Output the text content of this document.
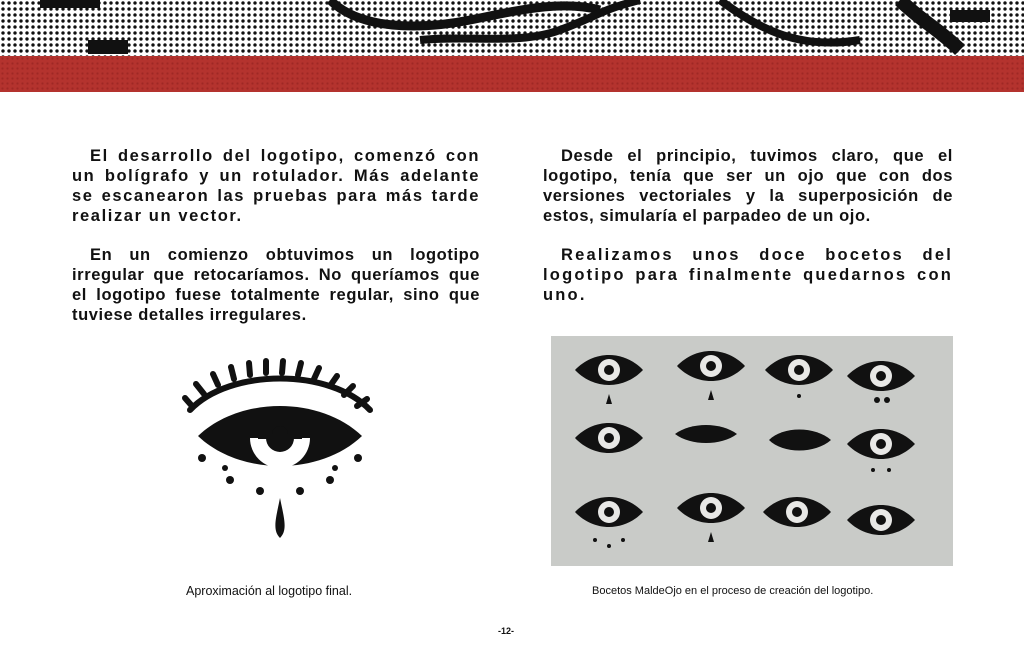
El desarrollo del logotipo, comenzó con un bolígrafo y un rotulador. Más adelante se escanearon las pruebas para más tarde realizar un vector.

En un comienzo obtuvimos un logotipo irregular que retocaríamos. No queríamos que el logotipo fuese totalmente regular, sino que tuviese detalles irregulares.

Desde el principio, tuvimos claro, que el logotipo, tenía que ser un ojo que con dos versiones vectoriales y la superposición de estos, simularía el parpadeo de un ojo.

Realizamos unos doce bocetos del logotipo para finalmente quedarnos con uno.

Aproximación al logotipo final.	Bocetos MaldeOjo en el proceso de creación del logotipo.
-12-
